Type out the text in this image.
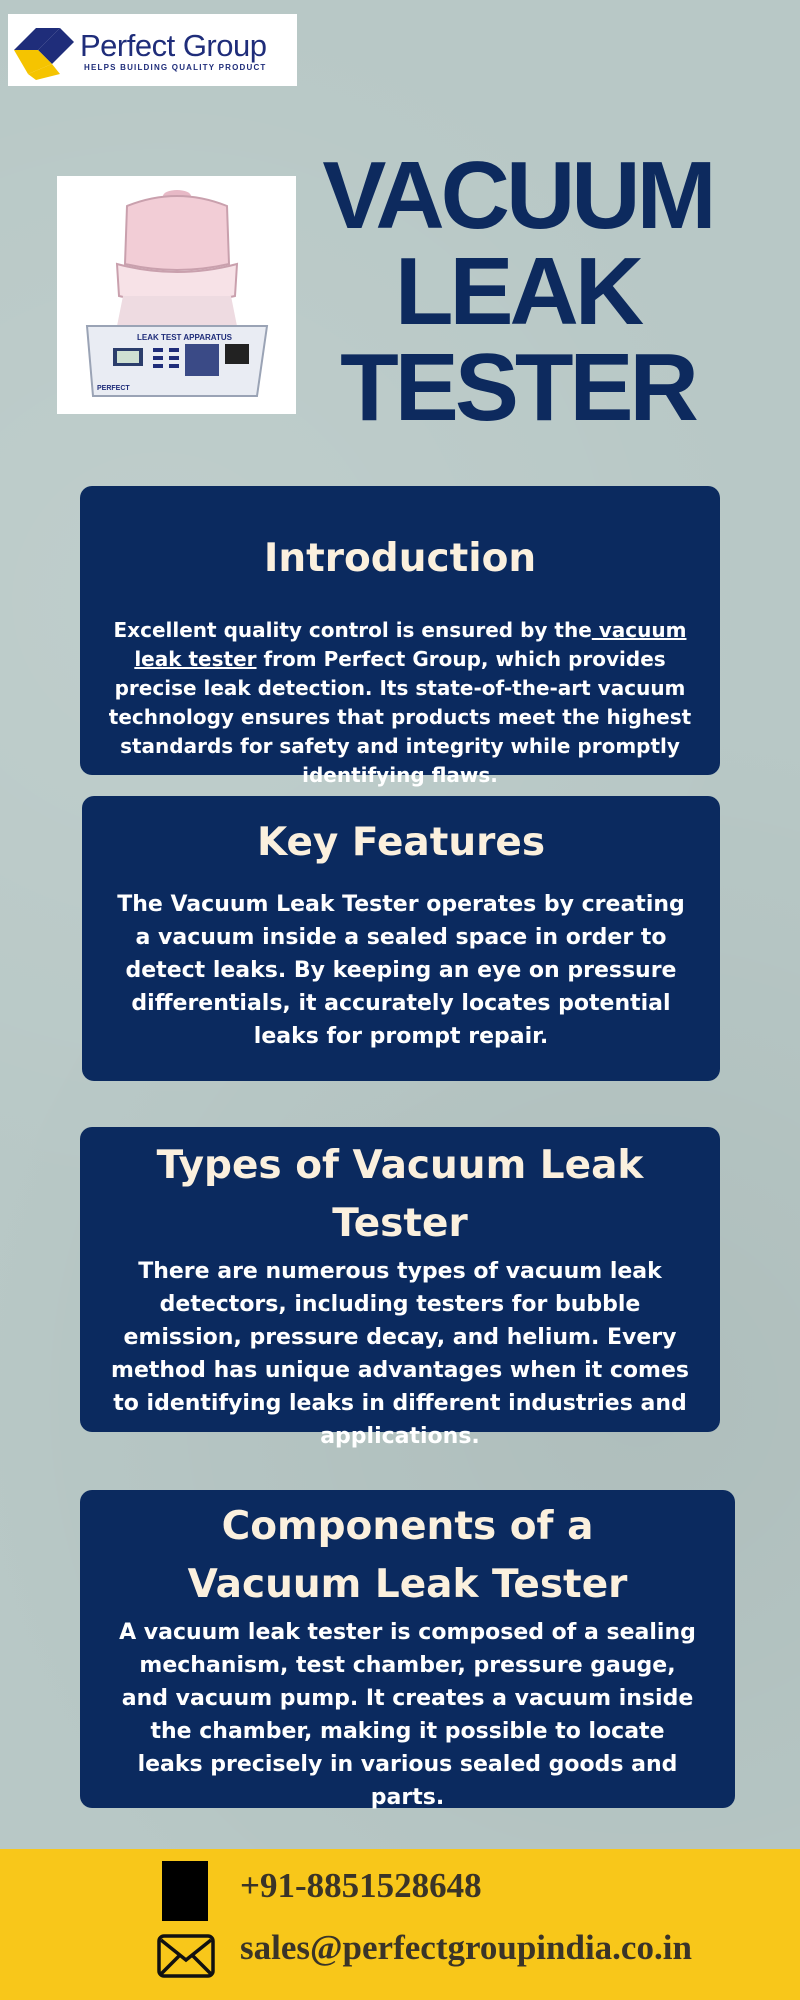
Perfect Group
HELPS BUILDING QUALITY PRODUCT
LEAK TEST APPARATUS
PERFECT
VACUUM
LEAK
TESTER
Introduction

Excellent quality control is ensured by the vacuum leak tester from Perfect Group, which provides precise leak detection. Its state-of-the-art vacuum technology ensures that products meet the highest standards for safety and integrity while promptly identifying flaws.

Key Features

The Vacuum Leak Tester operates by creating a vacuum inside a sealed space in order to detect leaks. By keeping an eye on pressure differentials, it accurately locates potential leaks for prompt repair.

Types of Vacuum Leak
Tester

There are numerous types of vacuum leak detectors, including testers for bubble emission, pressure decay, and helium. Every method has unique advantages when it comes to identifying leaks in different industries and applications.

Components of a
Vacuum Leak Tester

A vacuum leak tester is composed of a sealing mechanism, test chamber, pressure gauge, and vacuum pump. It creates a vacuum inside the chamber, making it possible to locate leaks precisely in various sealed goods and parts.

+91-8851528648
sales@perfectgroupindia.co.in
